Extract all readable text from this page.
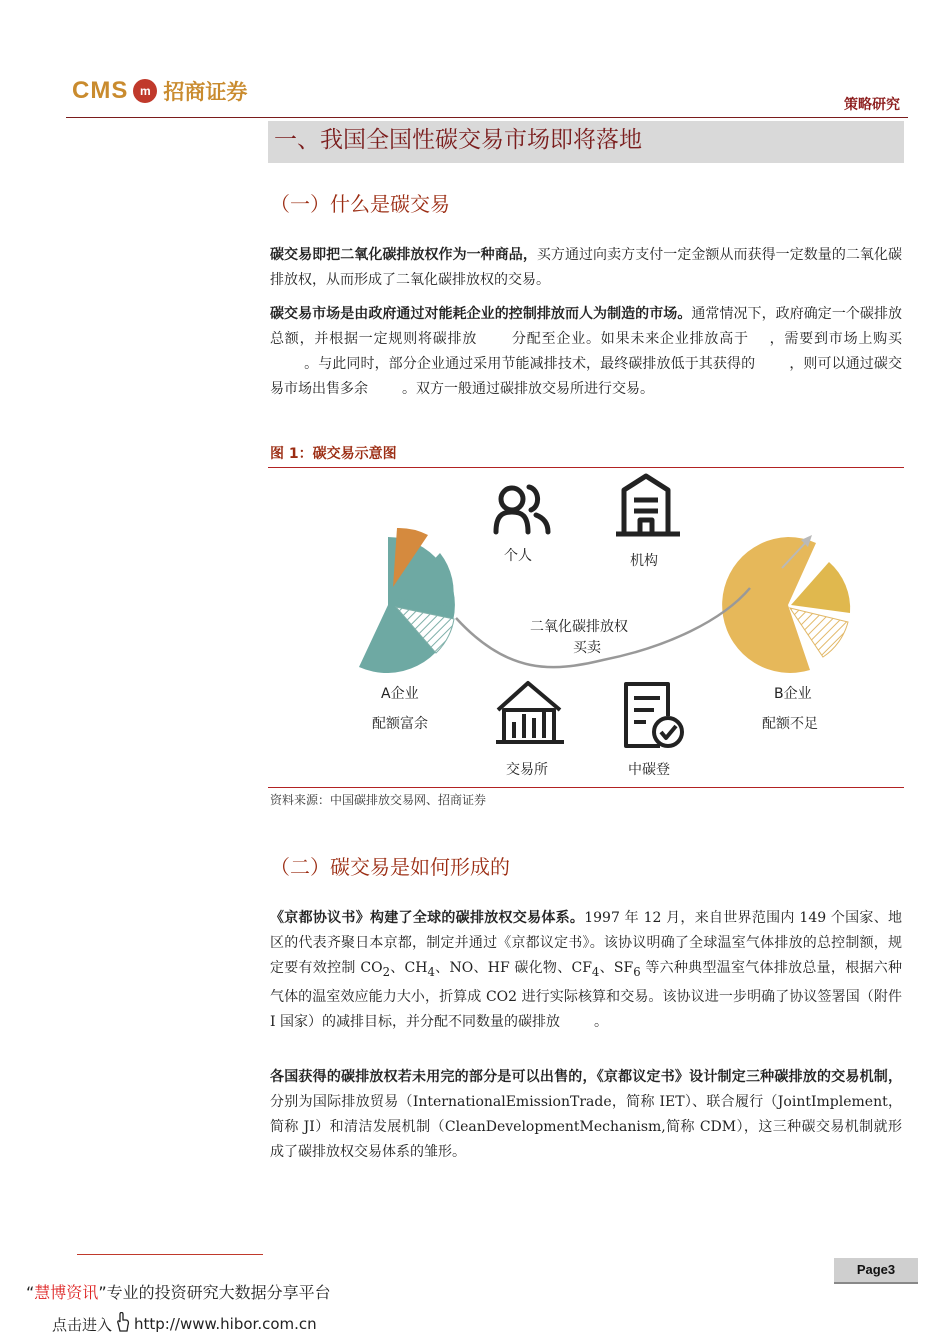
CMS m 招商证券
策略研究
一、我国全国性碳交易市场即将落地
（一）什么是碳交易

碳交易即把二氧化碳排放权作为一种商品，买方通过向卖方支付一定金额从而获得一定数量的二氧化碳排放权，从而形成了二氧化碳排放权的交易。

碳交易市场是由政府通过对能耗企业的控制排放而人为制造的市场。通常情况下，政府确定一个碳排放总额，并根据一定规则将碳排放 分配至企业。如果未来企业排放高于 ，需要到市场上购买。与此同时，部分企业通过采用节能减排技术，最终碳排放低于其获得的 ，则可以通过碳交易市场出售多余 。双方一般通过碳排放交易所进行交易。

图 1：碳交易示意图
个人	机构
二氧化碳排放权
买卖
A企业
配额富余
B企业
配额不足
交易所	中碳登
资料来源：中国碳排放交易网、招商证券
（二）碳交易是如何形成的

《京都协议书》构建了全球的碳排放权交易体系。1997 年 12 月，来自世界范围内 149 个国家、地区的代表齐聚日本京都，制定并通过《京都议定书》。该协议明确了全球温室气体排放的总控制额，规定要有效控制 $CO_2$、$CH_4$、NO、HF 碳化物、$CF_4$、$SF_6$ 等六种典型温室气体排放总量，根据六种气体的温室效应能力大小，折算成 CO2 进行实际核算和交易。该协议进一步明确了协议签署国（附件 I 国家）的减排目标，并分配不同数量的碳排放 。

各国获得的碳排放权若未用完的部分是可以出售的，《京都议定书》设计制定三种碳排放的交易机制，分别为国际排放贸易（InternationalEmissionTrade，简称 IET）、联合履行（JointImplement，简称 JI）和清洁发展机制（CleanDevelopmentMechanism,简称 CDM），这三种碳交易机制就形成了碳排放权交易体系的雏形。

Page3
“慧博资讯”专业的投资研究大数据分享平台
点击进入 http://www.hibor.com.cn
